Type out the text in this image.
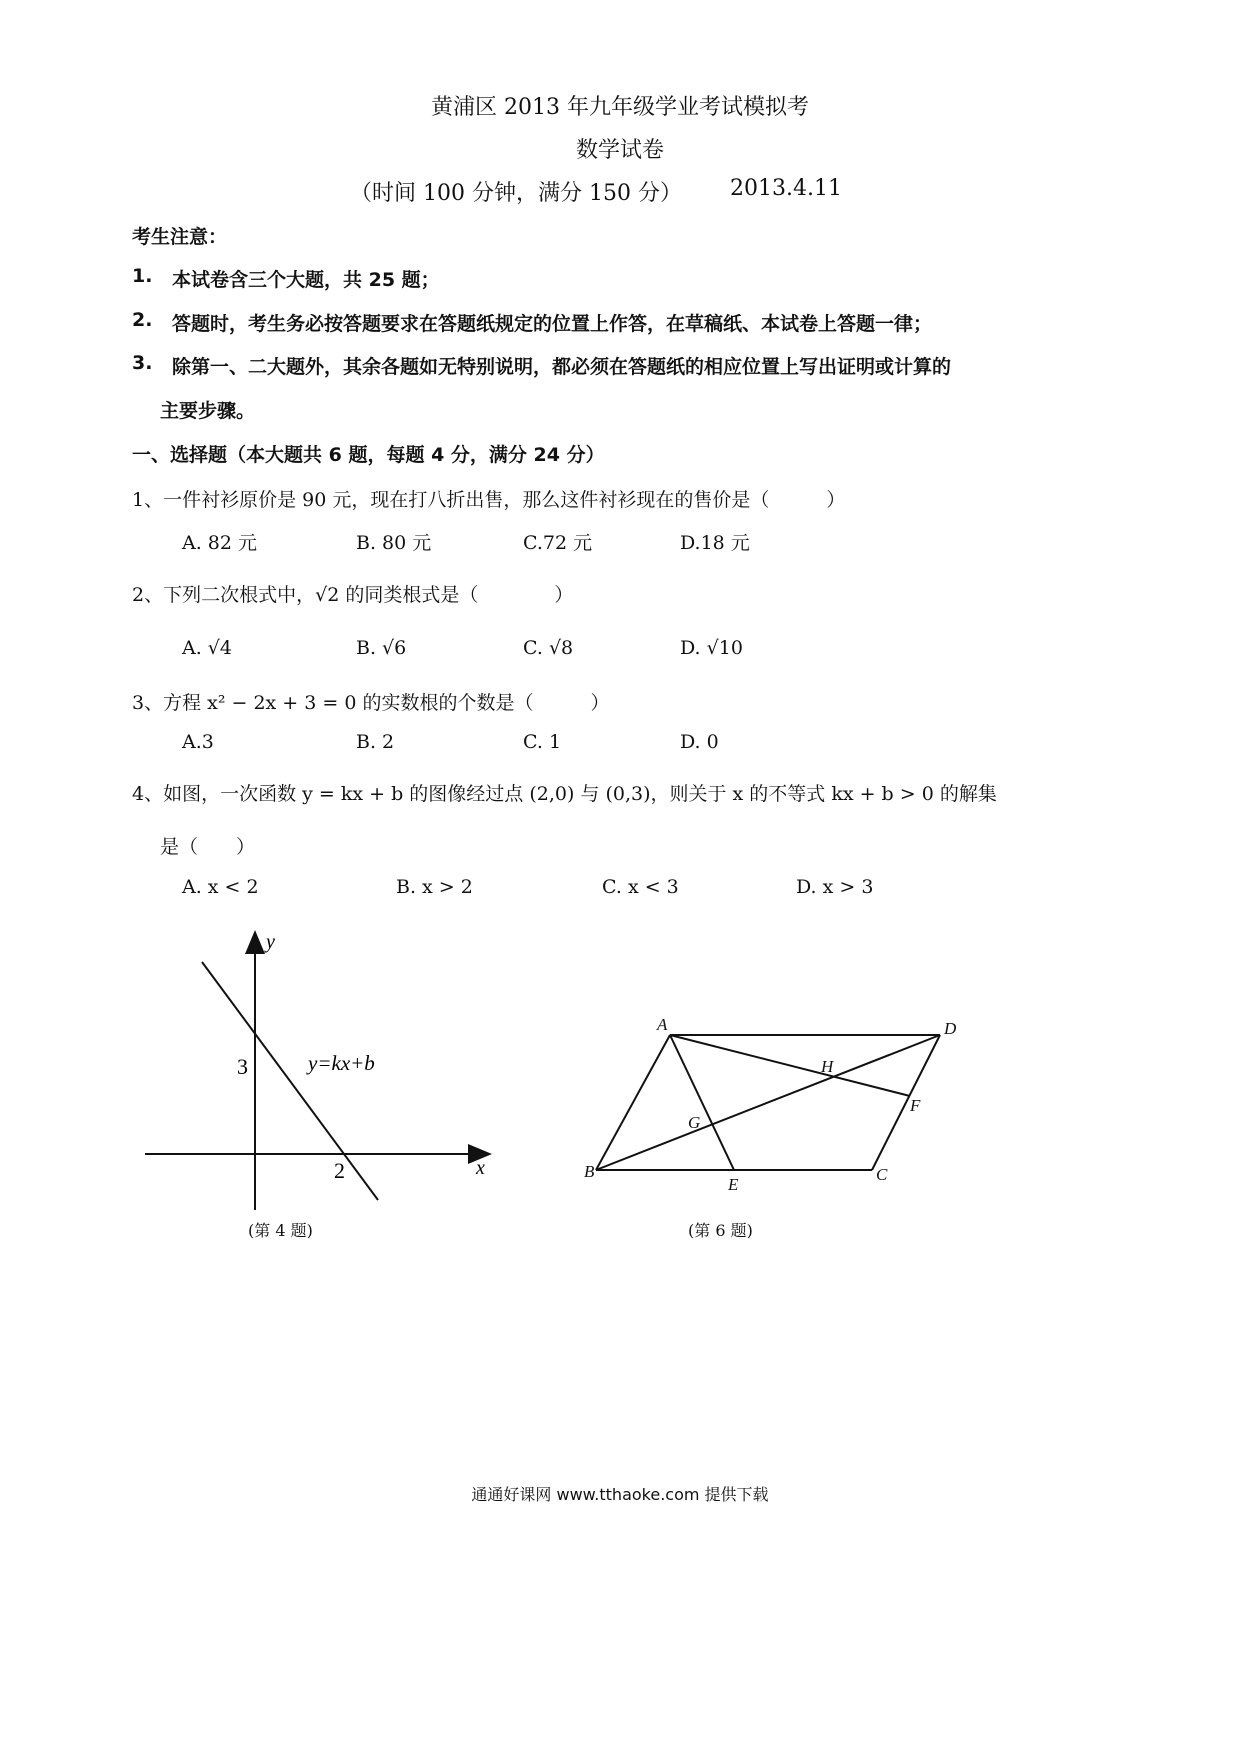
黄浦区 2013 年九年级学业考试模拟考
数学试卷
（时间 100 分钟，满分 150 分） 2013.4.11
考生注意：
1. 本试卷含三个大题，共 25 题；
2. 答题时，考生务必按答题要求在答题纸规定的位置上作答，在草稿纸、本试卷上答题一律；
3. 除第一、二大题外，其余各题如无特别说明，都必须在答题纸的相应位置上写出证明或计算的
主要步骤。
一、选择题（本大题共 6 题，每题 4 分，满分 24 分）
1、一件衬衫原价是 90 元，现在打八折出售，那么这件衬衫现在的售价是（　　　）
A. 82 元	B. 80 元	C.72 元	D.18 元
2、下列二次根式中，√2 的同类根式是（　　　　）
A. √4	B. √6	C. √8	D. √10
3、方程 x² − 2x + 3 = 0 的实数根的个数是（　　　）
A.3	B. 2	C. 1	D. 0
4、如图，一次函数 y = kx + b 的图像经过点 (2,0) 与 (0,3)，则关于 x 的不等式 kx + b > 0 的解集
是（　　）
A. x < 2	B. x > 2	C. x < 3	D. x > 3
y
x
3
2
y=kx+b
(第 4 题)
A
B	C
D
E
F
G
H
(第 6 题)
通通好课网 www.tthaoke.com 提供下载
